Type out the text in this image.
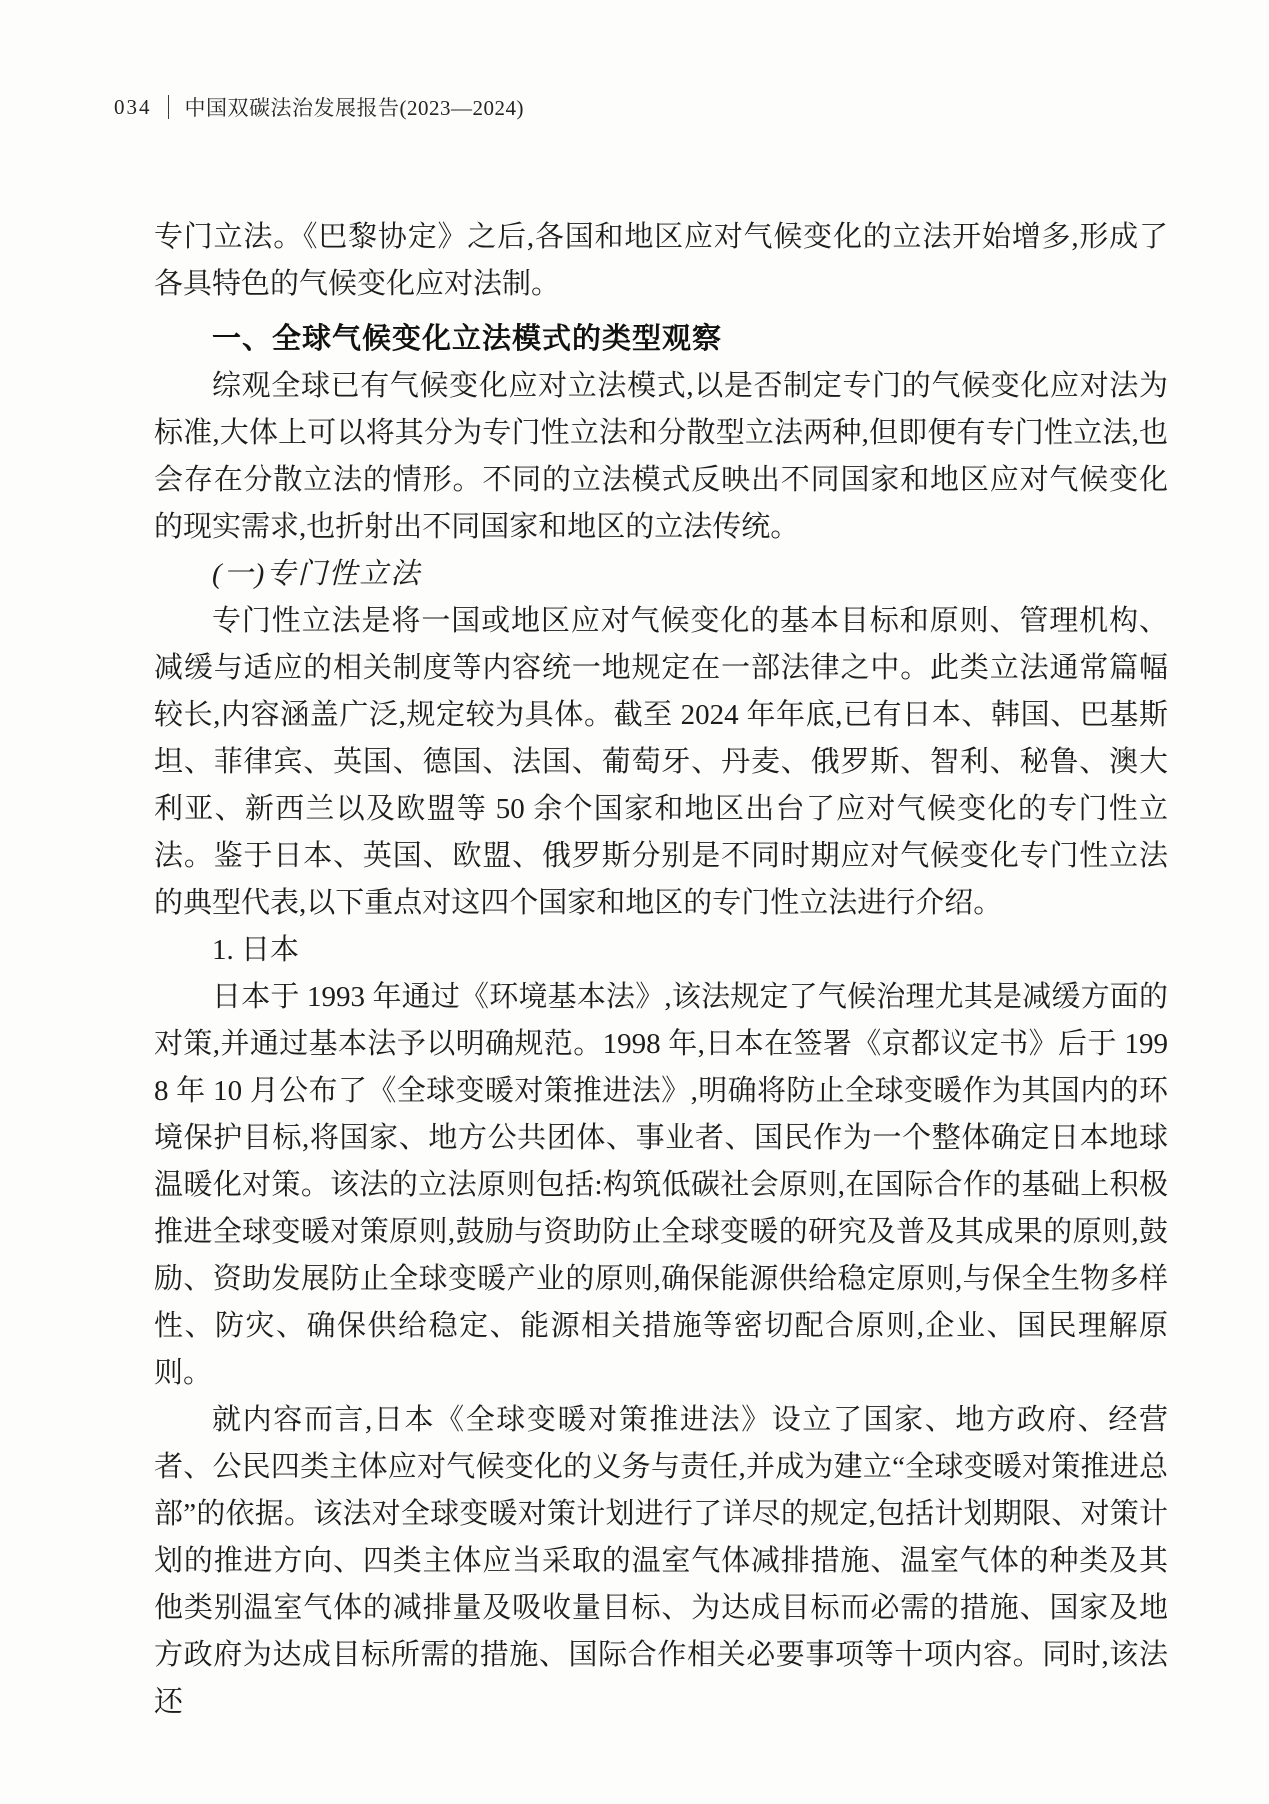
034 中国双碳法治发展报告(2023—2024)

专门立法。《巴黎协定》之后,各国和地区应对气候变化的立法开始增多,形成了各具特色的气候变化应对法制。

一、全球气候变化立法模式的类型观察

综观全球已有气候变化应对立法模式,以是否制定专门的气候变化应对法为标准,大体上可以将其分为专门性立法和分散型立法两种,但即便有专门性立法,也会存在分散立法的情形。不同的立法模式反映出不同国家和地区应对气候变化的现实需求,也折射出不同国家和地区的立法传统。

(一)专门性立法

专门性立法是将一国或地区应对气候变化的基本目标和原则、管理机构、减缓与适应的相关制度等内容统一地规定在一部法律之中。此类立法通常篇幅较长,内容涵盖广泛,规定较为具体。截至 2024 年年底,已有日本、韩国、巴基斯坦、菲律宾、英国、德国、法国、葡萄牙、丹麦、俄罗斯、智利、秘鲁、澳大利亚、新西兰以及欧盟等 50 余个国家和地区出台了应对气候变化的专门性立法。鉴于日本、英国、欧盟、俄罗斯分别是不同时期应对气候变化专门性立法的典型代表,以下重点对这四个国家和地区的专门性立法进行介绍。

1. 日本

日本于 1993 年通过《环境基本法》,该法规定了气候治理尤其是减缓方面的对策,并通过基本法予以明确规范。1998 年,日本在签署《京都议定书》后于 1998 年 10 月公布了《全球变暖对策推进法》,明确将防止全球变暖作为其国内的环境保护目标,将国家、地方公共团体、事业者、国民作为一个整体确定日本地球温暖化对策。该法的立法原则包括:构筑低碳社会原则,在国际合作的基础上积极推进全球变暖对策原则,鼓励与资助防止全球变暖的研究及普及其成果的原则,鼓励、资助发展防止全球变暖产业的原则,确保能源供给稳定原则,与保全生物多样性、防灾、确保供给稳定、能源相关措施等密切配合原则,企业、国民理解原则。

就内容而言,日本《全球变暖对策推进法》设立了国家、地方政府、经营者、公民四类主体应对气候变化的义务与责任,并成为建立“全球变暖对策推进总部”的依据。该法对全球变暖对策计划进行了详尽的规定,包括计划期限、对策计划的推进方向、四类主体应当采取的温室气体减排措施、温室气体的种类及其他类别温室气体的减排量及吸收量目标、为达成目标而必需的措施、国家及地方政府为达成目标所需的措施、国际合作相关必要事项等十项内容。同时,该法还
